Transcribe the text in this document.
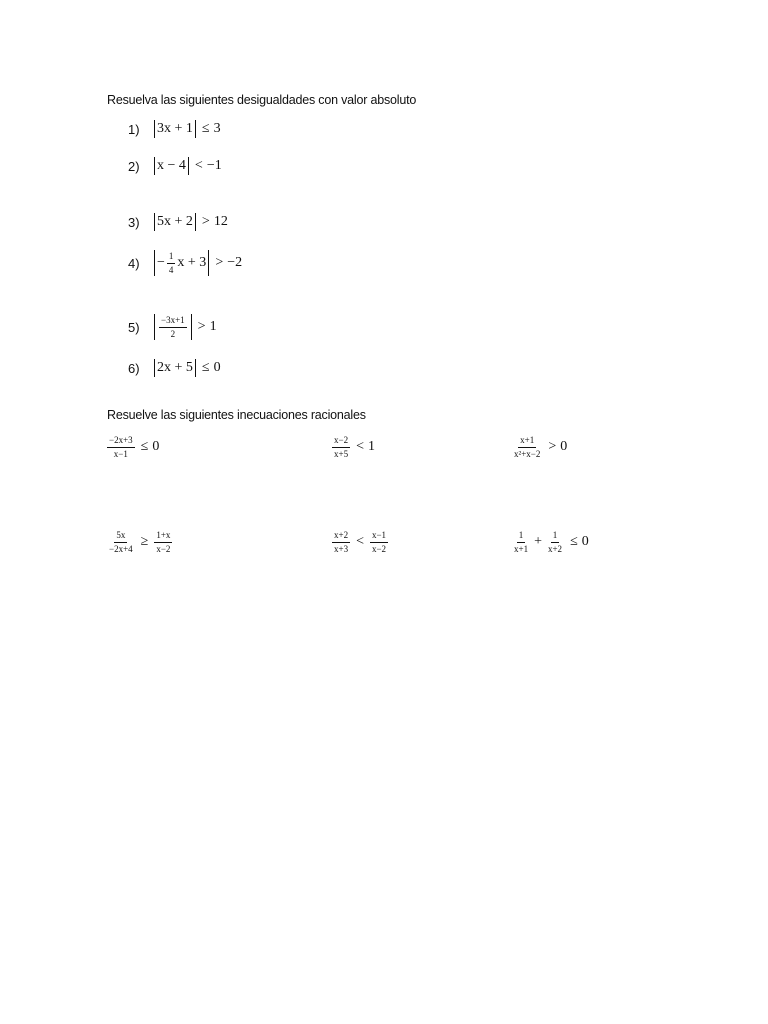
Resuelva las siguientes desigualdades con valor absoluto
1)	3x + 1 ≤ 3
2)	x − 4 < −1
3)	5x + 2 > 12
4)	− $\frac{1}{4}$ x + 3 > −2
5)	$\frac{-3x+1}{2} > 1$
6)	2x + 5 ≤ 0
Resuelve las siguientes inecuaciones racionales
$\frac{-2x+3}{x-1} \le 0$	$\frac{x-2}{x+5} < 1$	$\frac{x+1}{\text{x²+x−2}} > 0$
$\frac{5x}{-2x+4} \ge \frac{1+x}{x-2}$	$\frac{x+2}{x+3} < \frac{x-1}{x-2}$	$\frac{1}{x+1} + \frac{1}{x+2} \le 0$
